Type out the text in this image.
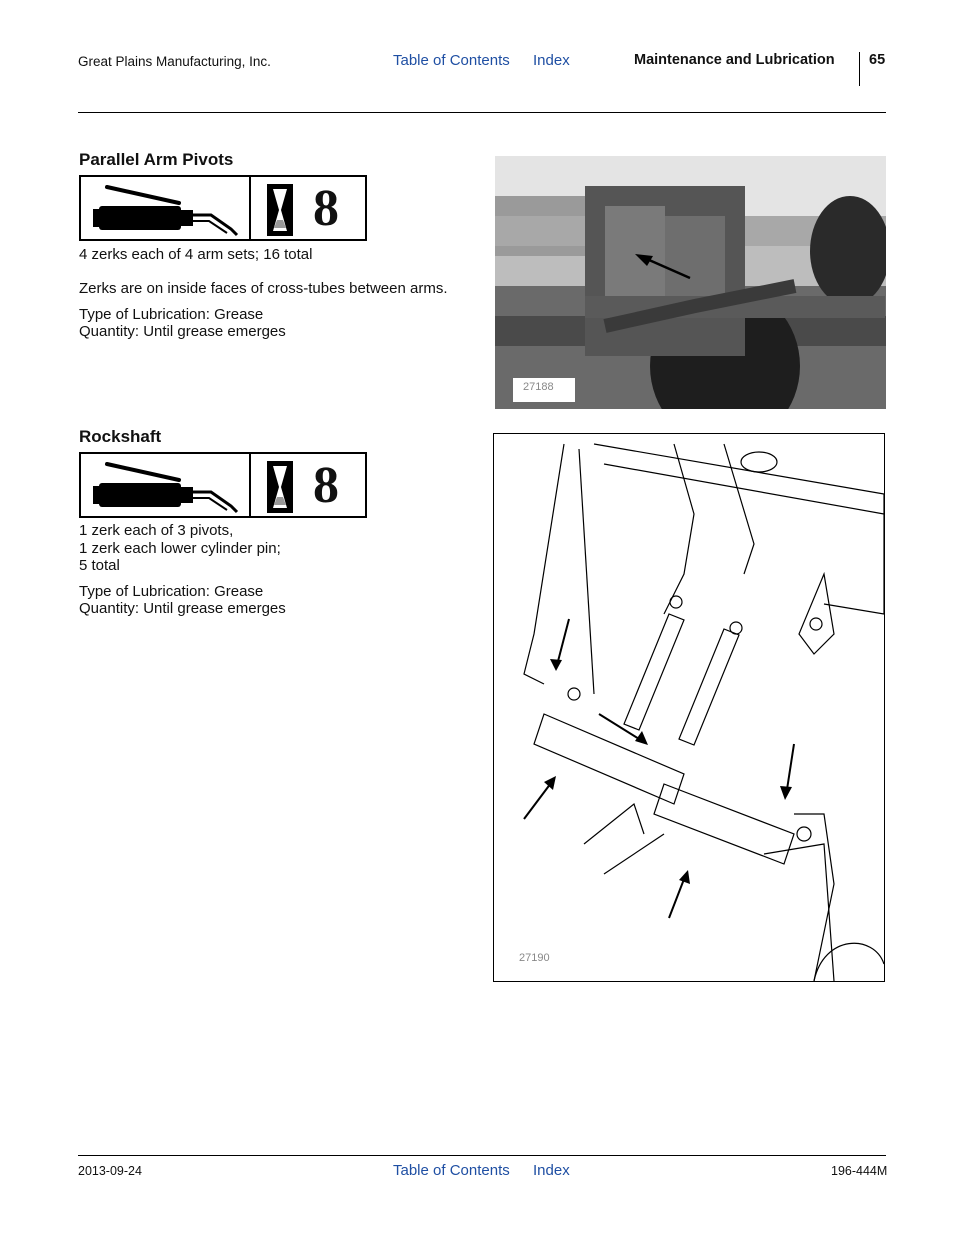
Great Plains Manufacturing, Inc.	Table of Contents Index	Maintenance and Lubrication 65
Parallel Arm Pivots
8
4 zerks each of 4 arm sets; 16 total
Zerks are on inside faces of cross-tubes between arms.
Type of Lubrication: Grease
Quantity: Until grease emerges
27188
Rockshaft
8
1 zerk each of 3 pivots,
1 zerk each lower cylinder pin;
5 total
Type of Lubrication: Grease
Quantity: Until grease emerges
27190
2013-09-24	Table of Contents Index	196-444M
